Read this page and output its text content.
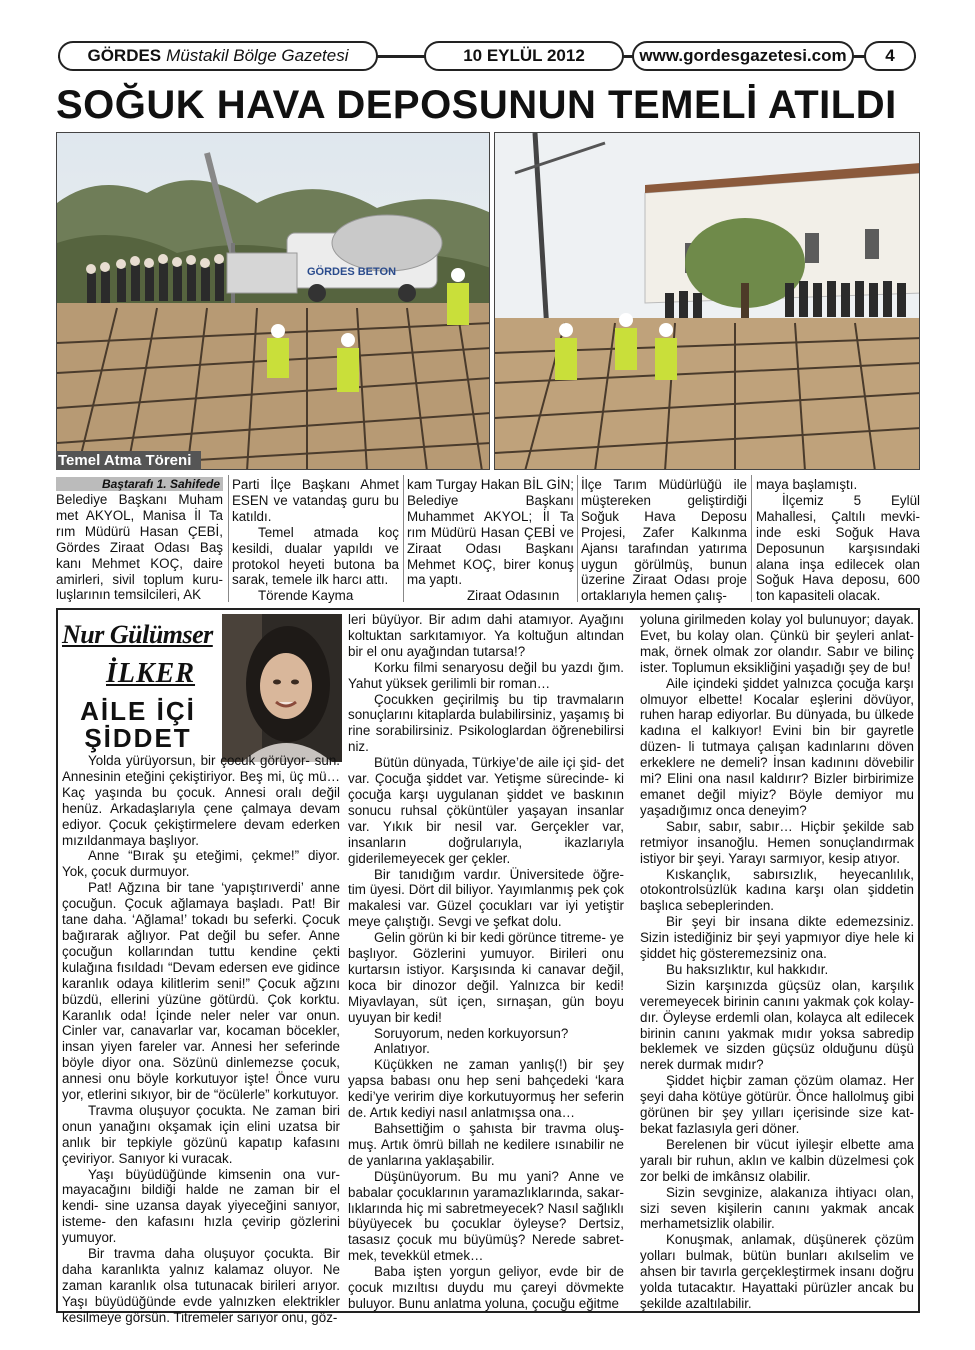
GÖRDES Müstakil Bölge Gazetesi	10 EYLÜL 2012	www.gordesgazetesi.com 4
SOĞUK HAVA DEPOSUNUN TEMELİ ATILDI
GÖRDES BETON
Temel Atma Töreni
Baştarafı 1. Sahifede

Belediye Başkanı Muham met AKYOL, Manisa İl Ta rım Müdürü Hasan ÇEBİ, Gördes Ziraat Odası Baş kanı Mehmet KOÇ, daire amirleri, sivil toplum kuru- luşlarının temsilcileri, AK

Parti İlçe Başkanı Ahmet ESEN ve vatandaş guru bu katıldı.

Temel atmada koç kesildi, dualar yapıldı ve protokol heyeti butona ba sarak, temele ilk harcı attı.

Törende Kayma

kam Turgay Hakan BİL GİN; Belediye Başkanı Muhammet AKYOL; İl Ta rım Müdürü Hasan ÇEBİ ve Ziraat Odası Başkanı Mehmet KOÇ, birer konuş ma yaptı.

Ziraat Odasının

İlçe Tarım Müdürlüğü ile müştereken geliştirdiği Soğuk Hava Deposu Projesi, Zafer Kalkınma Ajansı tarafından yatırıma uygun görülmüş, bunun üzerine Ziraat Odası proje ortaklarıyla hemen çalış-

maya başlamıştı.

İlçemiz 5 Eylül Mahallesi, Çaltılı mevki- inde eski Soğuk Hava Deposunun karşısındaki alana inşa edilecek olan Soğuk Hava deposu, 600 ton kapasiteli olacak.

Nur Gülümser
İLKER
AİLE İÇİ
ŞİDDET

Yolda yürüyorsun, bir çocuk görüyor- sun. Annesinin eteğini çekiştiriyor. Beş mi, üç mü… Kaç yaşında bu çocuk. Annesi oralı değil henüz. Arkadaşlarıyla çene çalmaya devam ediyor. Çocuk çekiştirmelere devam ederken mızıldanmaya başlıyor.

Anne “Bırak şu eteğimi, çekme!” diyor. Yok, çocuk durmuyor.

Pat! Ağzına bir tane ‘yapıştırıverdi’ anne çocuğun. Çocuk ağlamaya başladı. Pat! Bir tane daha. ‘Ağlama!’ tokadı bu seferki. Çocuk bağırarak ağlıyor. Pat değil bu sefer. Anne çocuğun kollarından tuttu kendine çekti kulağına fısıldadı “Devam edersen eve gidince karanlık odaya kilitlerim seni!” Çocuk ağzını büzdü, ellerini yüzüne götürdü. Çok korktu. Karanlık oda! İçinde neler neler var onun. Cinler var, canavarlar var, kocaman böcekler, insan yiyen fareler var. Annesi her seferinde böyle diyor ona. Sözünü dinlemezse çocuk, annesi onu böyle korkutuyor işte! Önce vuru yor, etlerini sıkıyor, bir de “öcülerle” korkutuyor.

Travma oluşuyor çocukta. Ne zaman biri onun yanağını okşamak için elini uzatsa bir anlık bir tepkiyle gözünü kapatıp kafasını çeviriyor. Sanıyor ki vuracak.

Yaşı büyüdüğünde kimsenin ona vur- mayacağını bildiği halde ne zaman bir el kendi- sine uzansa dayak yiyeceğini sanıyor, isteme- den kafasını hızla çevirip gözlerini yumuyor.

Bir travma daha oluşuyor çocukta. Bir daha karanlıkta yalnız kalamaz oluyor. Ne zaman karanlık olsa tutunacak birileri arıyor. Yaşı büyüdüğünde evde yalnızken elektrikler kesilmeye görsün. Titremeler sarıyor onu, göz-

leri büyüyor. Bir adım dahi atamıyor. Ayağını koltuktan sarkıtamıyor. Ya koltuğun altından bir el onu ayağından tutarsa!?

Korku filmi senaryosu değil bu yazdı ğım. Yahut yüksek gerilimli bir roman…

Çocukken geçirilmiş bu tip travmaların sonuçlarını kitaplarda bulabilirsiniz, yaşamış bi rine sorabilirsiniz. Psikologlardan öğrenebilirsi niz.

Bütün dünyada, Türkiye’de aile içi şid- det var. Çocuğa şiddet var. Yetişme sürecinde- ki çocuğa karşı uygulanan şiddet ve baskının sonucu ruhsal çöküntüler yaşayan insanlar var. Yıkık bir nesil var. Gerçekler var, insanların doğrularıyla, ikazlarıyla giderilemeyecek ger çekler.

Bir tanıdığım vardır. Üniversitede öğre- tim üyesi. Dört dil biliyor. Yayımlanmış pek çok makalesi var. Güzel çocukları var iyi yetiştir meye çalıştığı. Sevgi ve şefkat dolu.

Gelin görün ki bir kedi görünce titreme- ye başlıyor. Gözlerini yumuyor. Birileri onu kurtarsın istiyor. Karşısında ki canavar değil, koca bir dinozor değil. Yalnızca bir kedi! Miyavlayan, süt içen, sırnaşan, gün boyu uyuyan bir kedi!

Soruyorum, neden korkuyorsun?

Anlatıyor.

Küçükken ne zaman yanlış(!) bir şey yapsa babası onu hep seni bahçedeki ‘kara kedi’ye veririm diye korkutuyormuş her seferin de. Artık kediyi nasıl anlatmışsa ona…

Bahsettiğim o şahısta bir travma oluş- muş. Artık ömrü billah ne kedilere ısınabilir ne de yanlarına yaklaşabilir.

Düşünüyorum. Bu mu yani? Anne ve babalar çocuklarının yaramazlıklarında, sakar- lıklarında hiç mi sabretmeyecek? Nasıl sağlıklı büyüyecek bu çocuklar öyleyse? Dertsiz, tasasız çocuk mu büyümüş? Nerede sabret- mek, tevekkül etmek…

Baba işten yorgun geliyor, evde bir de çocuk mızıltısı duydu mu çareyi dövmekte buluyor. Bunu anlatma yoluna, çocuğu eğitme

yoluna girilmeden kolay yol bulunuyor; dayak. Evet, bu kolay olan. Çünkü bir şeyleri anlat- mak, örnek olmak zor olandır. Sabır ve bilinç ister. Toplumun eksikliğini yaşadığı şey de bu!

Aile içindeki şiddet yalnızca çocuğa karşı olmuyor elbette! Kocalar eşlerini dövüyor, ruhen harap ediyorlar. Bu dünyada, bu ülkede kadına el kalkıyor! Evini bin bir gayretle düzen- li tutmaya çalışan kadınlarını döven erkeklere ne demeli? İnsan kadınını dövebilir mi? Elini ona nasıl kaldırır? Bizler birbirimize emanet değil miyiz? Böyle demiyor mu yaşadığımız onca deneyim?

Sabır, sabır, sabır… Hiçbir şekilde sab retmiyor insanoğlu. Hemen sonuçlandırmak istiyor bir şeyi. Yarayı sarmıyor, kesip atıyor.

Kıskançlık, sabırsızlık, heyecanlılık, otokontrolsüzlük kadına karşı olan şiddetin başlıca sebeplerinden.

Bir şeyi bir insana dikte edemezsiniz. Sizin istediğiniz bir şeyi yapmıyor diye hele ki şiddet hiç gösteremezsiniz ona.

Bu haksızlıktır, kul hakkıdır.

Sizin karşınızda güçsüz olan, karşılık veremeyecek birinin canını yakmak çok kolay- dır. Öyleyse erdemli olan, kolayca alt edilecek birinin canını yakmak mıdır yoksa sabredip beklemek ve sizden güçsüz olduğunu düşü nerek durmak mıdır?

Şiddet hiçbir zaman çözüm olamaz. Her şeyi daha kötüye götürür. Önce hallolmuş gibi görünen bir şey yılları içerisinde size kat- bekat fazlasıyla geri döner.

Berelenen bir vücut iyileşir elbette ama yaralı bir ruhun, aklın ve kalbin düzelmesi çok zor belki de imkânsız olabilir.

Sizin sevginize, alakanıza ihtiyacı olan, sizi seven kişilerin canını yakmak ancak merhametsizlik olabilir.

Konuşmak, anlamak, düşünerek çözüm yolları bulmak, bütün bunları akılselim ve ahsen bir tavırla gerçekleştirmek insanı doğru yolda tutacaktır. Hayattaki pürüzler ancak bu şekilde azaltılabilir.
